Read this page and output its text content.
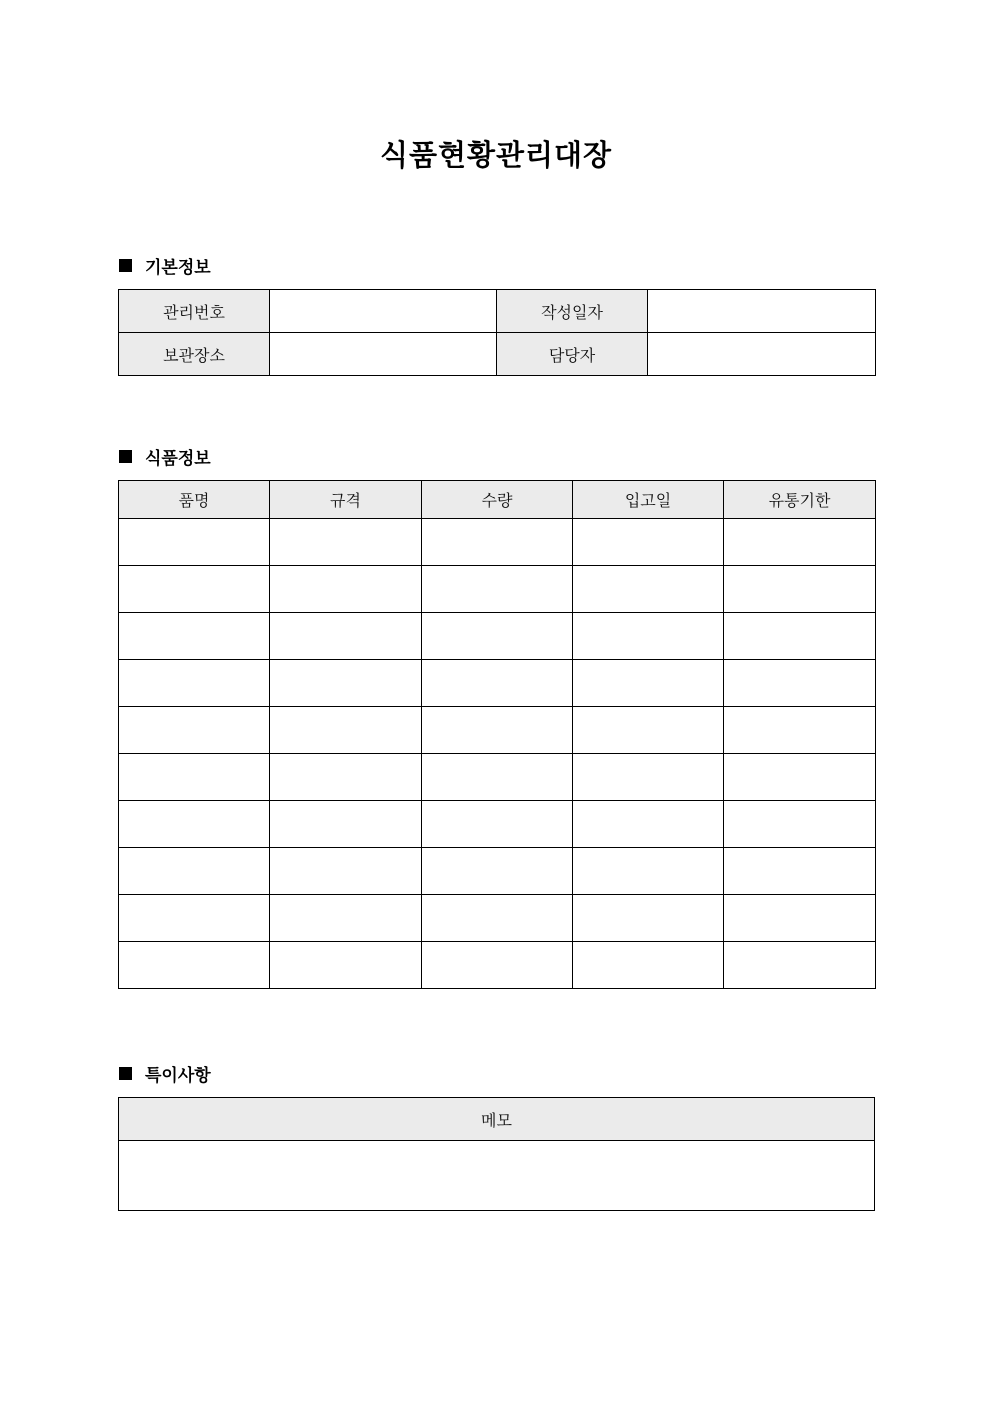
식품현황관리대장
기본정보
관리번호		작성일자	
보관장소		담당자	
식품정보
품명	규격	수량	입고일	유통기한

특이사항
메모
